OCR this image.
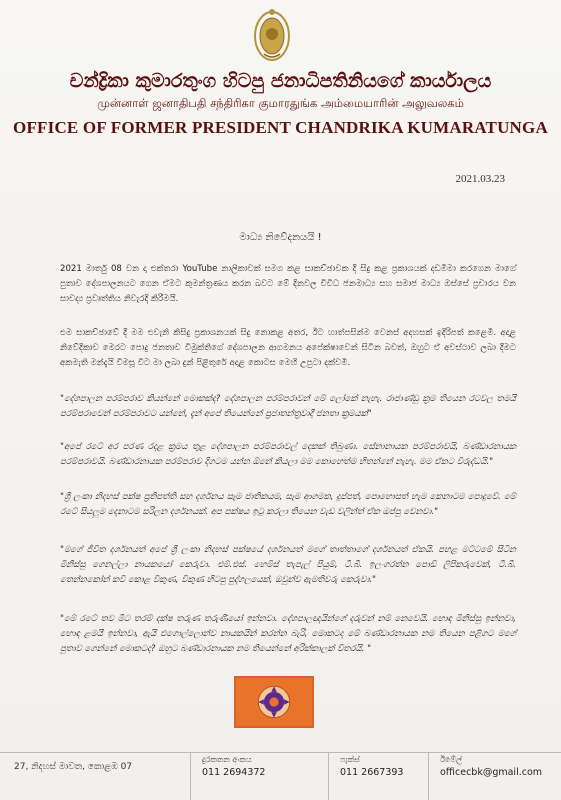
චන්ද්‍රිකා කුමාරතුංග හිටපු ජනාධිපතිනියගේ කාර්යාලය
முன்னாள் ஜனாதிபதி சந்திரிகா குமாரதுங்க அம்மையாரின் அலுவலகம்
OFFICE OF FORMER PRESIDENT CHANDRIKA KUMARATUNGA
2021.03.23
මාධ්‍ය නිවේදනයයි !
2021 මාර්තු 08 වන දා එක්තරා YouTube නාලිකාවක් සමග කළ සාකච්ඡාවක දී සිදු කළ ප්‍රකාශයක් දඩමීමා කරගෙන මාගේ පුතාව දේශපාලනයට ගෙන ඒමට කුමන්ත්‍රණය කරන බවට මේ දිනවල විවිධ ජනමාධ්‍ය සහ සමාජ මාධ්‍ය ඔස්සේ ප්‍රචාරය වන සාවද්‍ය ප්‍රවෘත්තිය නිවැරදි කිරීමයි.
එම සාකච්ඡාවේ දී මම එවැනි කිසිදු ප්‍රකාශනයක් සිදු නොකළ අතර, ඊට හාත්පසින්ම වෙනස් අදහසක් ඉදිරිපත් කළෙමි. අදාළ නිවේදිකාව මෙරට පොදු ජනතාව විමුක්තිගේ දේශපාලන ආගමනය අපේක්ෂාවෙන් සිටින බවත්, ඔහුට ඒ අවස්ථාව ලබා දීමට අකමැති මන්දැයි විමසූ විට මා ලබා දුන් පිළිතුරේ අදාළ කොටස මෙහි උපුටා දක්වමි.
"දේශපාලන පරම්පරාව කියන්නේ මොකක්ද? දේශපාලන පරම්පරාවන් මේ ලෝකේ නැහැ. රාජාණ්ඩු ක්‍රම තියෙන රටවල තමයි පරම්පරාවෙන් පරම්පරාවට යන්නේ, දැන් අපේ තියෙන්නේ ප්‍රජාතන්ත්‍රවාදී ජනතා ක්‍රමයක්"
"අපේ රටේ අර පරණ රදළ ක්‍රමය තුළ දේශපාලන පරම්පරාවල් දෙකක් තිබුණා. සේනානායක පරම්පරාවයි, බණ්ඩාරනායක පරම්පරාවයි. බණ්ඩාරනායක පරම්පරාව දිගටම යන්න ඕනේ කියලා මම කොහෙත්ම හිතන්නේ නැහැ. මම ඒකට විරුද්ධයි."
"ශ්‍රී ලංකා නිදහස් පක්ෂ ප්‍රතිපත්ති සහ දර්ශනය සෑම ජාතිකයම, සෑම ආගමක, දුප්පත්, පොහොසත් හැම කෙනාටම පොදුවේ. මේ රටේ සියලුම දෙනාටම සරිලන දර්ශනයක්. අප පක්ෂය ඉටු කරලා තියෙන වැඩ වලින්ත් ඒක ඔප්පු වෙනවා."
"මගේ ජීවිත දර්ශනයත් අපේ ශ්‍රී ලංකා නිදහස් පක්ෂයේ දර්ශනයත් මගේ තාත්තාගේ දර්ශනයත් ඒකයි. පහළ මට්ටමේ සිටින මිනිස්සු ගෙනල්ලා නායකයෝ කෙරුවා. එම්.එස්. හෙමිස් තැපැල් පියුම්, ටී.බී. ඉලංගරත්න පොඩි ලිපිකරුවෙක්, ටී.බී. තෙන්නකෝන් කවි කොළ විකුණ, විකුණ හිටපු පුද්ගලයෙක්, ඔවුන්ව ඇමතිවරු කෙරුවා."
"මේ රටේ තව මීට තරම් දක්ෂ තරුණ තරුණියෝ ඉන්නවා. දේශපාලඥයින්ගේ දරුවන් නම් නෙවෙයි. හොඳ මිනිස්සු ඉන්නවා, හොඳ ළමයි ඉන්නවා, ඇයි එගොල්ලොන්ව නායකයින් කරන්න බැරි, මොකටද මේ බණ්ඩාරනායක නම තියෙන පළිගට මගේ පුතාව ගෙන්නේ මොකටද? ඔහුට බණ්ඩාරනායක නම තියෙන්නේ අරික්කාලක් විතරයි. "
27, නිදහස් මාවත, කොළඹ 07
දුරකතන අංකය
011 2694372
ෆැක්ස්
011 2667393
ඊමේල්
officecbk@gmail.com
